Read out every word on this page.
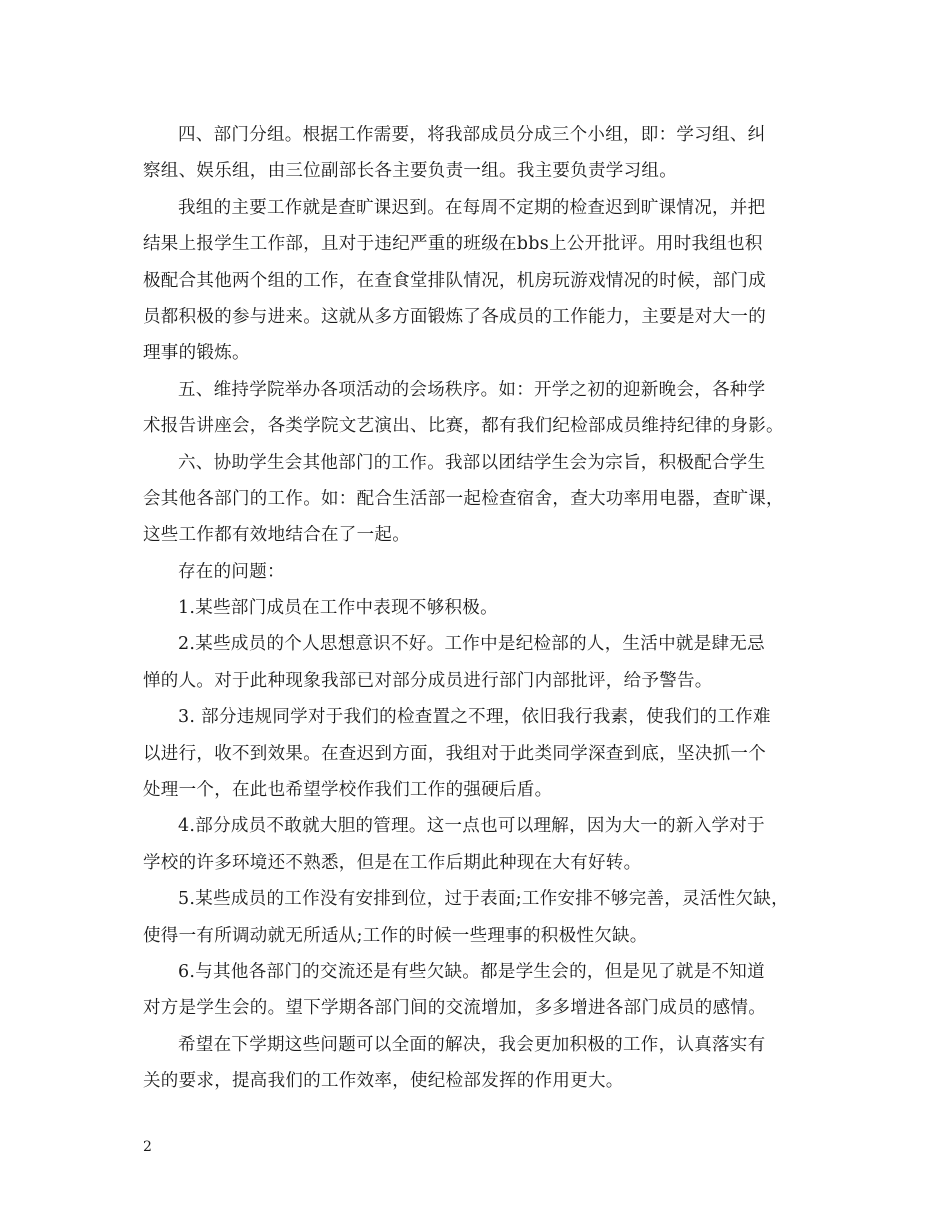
四、部门分组。根据工作需要，将我部成员分成三个小组，即：学习组、纠
察组、娱乐组，由三位副部长各主要负责一组。我主要负责学习组。
我组的主要工作就是查旷课迟到。在每周不定期的检查迟到旷课情况，并把
结果上报学生工作部，且对于违纪严重的班级在bbs上公开批评。用时我组也积
极配合其他两个组的工作，在查食堂排队情况，机房玩游戏情况的时候，部门成
员都积极的参与进来。这就从多方面锻炼了各成员的工作能力，主要是对大一的
理事的锻炼。
五、维持学院举办各项活动的会场秩序。如：开学之初的迎新晚会，各种学
术报告讲座会，各类学院文艺演出、比赛，都有我们纪检部成员维持纪律的身影。
六、协助学生会其他部门的工作。我部以团结学生会为宗旨，积极配合学生
会其他各部门的工作。如：配合生活部一起检查宿舍，查大功率用电器，查旷课，
这些工作都有效地结合在了一起。
存在的问题：
1.某些部门成员在工作中表现不够积极。
2.某些成员的个人思想意识不好。工作中是纪检部的人，生活中就是肆无忌
惮的人。对于此种现象我部已对部分成员进行部门内部批评，给予警告。
3. 部分违规同学对于我们的检查置之不理，依旧我行我素，使我们的工作难
以进行，收不到效果。在查迟到方面，我组对于此类同学深查到底，坚决抓一个
处理一个，在此也希望学校作我们工作的强硬后盾。
4.部分成员不敢就大胆的管理。这一点也可以理解，因为大一的新入学对于
学校的许多环境还不熟悉，但是在工作后期此种现在大有好转。
5.某些成员的工作没有安排到位，过于表面;工作安排不够完善，灵活性欠缺，
使得一有所调动就无所适从;工作的时候一些理事的积极性欠缺。
6.与其他各部门的交流还是有些欠缺。都是学生会的，但是见了就是不知道
对方是学生会的。望下学期各部门间的交流增加，多多增进各部门成员的感情。
希望在下学期这些问题可以全面的解决，我会更加积极的工作，认真落实有
关的要求，提高我们的工作效率，使纪检部发挥的作用更大。
2
